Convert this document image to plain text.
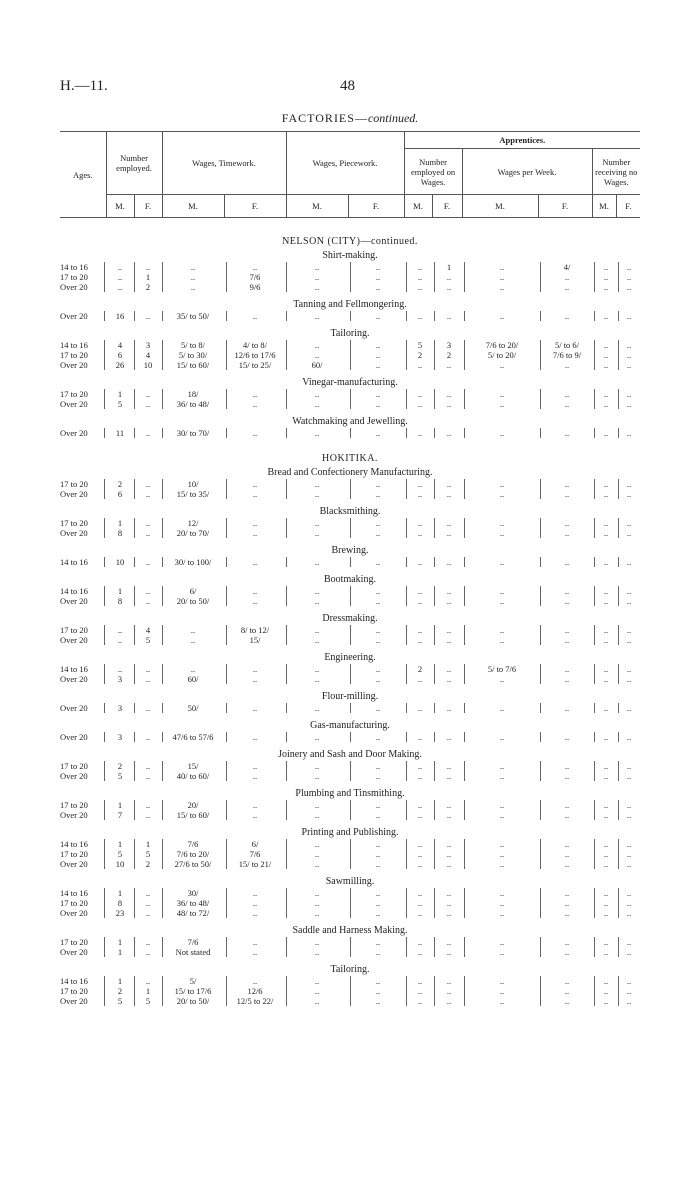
H.—11.	48
FACTORIES—continued.
Ages.	Number employed.		Wages, Timework.		Wages, Piecework.		Apprentices.					
							Number employed on Wages.		Wages per Week.		Number receiving no Wages.	
	M.	F.	M.	F.	M.	F.	M.	F.	M.	F.	M.	F.
NELSON (CITY)—continued.
Shirt-making.
14 to 16	..	..	..	..	..	..	..	1	..	4/	..	..
17 to 20	..	1	..	7/6	..	..	..	..	..	..	..	..
Over 20	..	2	..	9/6	..	..	..	..	..	..	..	..
Tanning and Fellmongering.
Over 20	16	..	35/ to 50/	..	..	..	..	..	..	..	..	..
Tailoring.
14 to 16	4	3	5/ to 8/	4/ to 8/	..	..	5	3	7/6 to 20/	5/ to 6/	..	..
17 to 20	6	4	5/ to 30/	12/6 to 17/6	..	..	2	2	5/ to 20/	7/6 to 9/	..	..
Over 20	26	10	15/ to 60/	15/ to 25/	60/	..	..	..	..	..	..	..
Vinegar-manufacturing.
17 to 20	1	..	18/	..	..	..	..	..	..	..	..	..
Over 20	5	..	36/ to 48/	..	..	..	..	..	..	..	..	..
Watchmaking and Jewelling.
Over 20	11	..	30/ to 70/	..	..	..	..	..	..	..	..	..
HOKITIKA.
Bread and Confectionery Manufacturing.
17 to 20	2	..	10/	..	..	..	..	..	..	..	..	..
Over 20	6	..	15/ to 35/	..	..	..	..	..	..	..	..	..
Blacksmithing.
17 to 20	1	..	12/	..	..	..	..	..	..	..	..	..
Over 20	8	..	20/ to 70/	..	..	..	..	..	..	..	..	..
Brewing.
14 to 16	10	..	30/ to 100/	..	..	..	..	..	..	..	..	..
Bootmaking.
14 to 16	1	..	6/	..	..	..	..	..	..	..	..	..
Over 20	8	..	20/ to 50/	..	..	..	..	..	..	..	..	..
Dressmaking.
17 to 20	..	4	..	8/ to 12/	..	..	..	..	..	..	..	..
Over 20	..	5	..	15/	..	..	..	..	..	..	..	..
Engineering.
14 to 16	..	..	..	..	..	..	2	..	5/ to 7/6	..	..	..
Over 20	3	..	60/	..	..	..	..	..	..	..	..	..
Flour-milling.
Over 20	3	..	50/	..	..	..	..	..	..	..	..	..
Gas-manufacturing.
Over 20	3	..	47/6 to 57/6	..	..	..	..	..	..	..	..	..
Joinery and Sash and Door Making.
17 to 20	2	..	15/	..	..	..	..	..	..	..	..	..
Over 20	5	..	40/ to 60/	..	..	..	..	..	..	..	..	..
Plumbing and Tinsmithing.
17 to 20	1	..	20/	..	..	..	..	..	..	..	..	..
Over 20	7	..	15/ to 60/	..	..	..	..	..	..	..	..	..
Printing and Publishing.
14 to 16	1	1	7/6	6/	..	..	..	..	..	..	..	..
17 to 20	5	5	7/6 to 20/	7/6	..	..	..	..	..	..	..	..
Over 20	10	2	27/6 to 50/	15/ to 21/	..	..	..	..	..	..	..	..
Sawmilling.
14 to 16	1	..	30/	..	..	..	..	..	..	..	..	..
17 to 20	8	..	36/ to 48/	..	..	..	..	..	..	..	..	..
Over 20	23	..	48/ to 72/	..	..	..	..	..	..	..	..	..
Saddle and Harness Making.
17 to 20	1	..	7/6	..	..	..	..	..	..	..	..	..
Over 20	1	..	Not stated	..	..	..	..	..	..	..	..	..
Tailoring.
14 to 16	1	..	5/	..	..	..	..	..	..	..	..	..
17 to 20	2	1	15/ to 17/6	12/6	..	..	..	..	..	..	..	..
Over 20	5	5	20/ to 50/	12/5 to 22/	..	..	..	..	..	..	..	..
